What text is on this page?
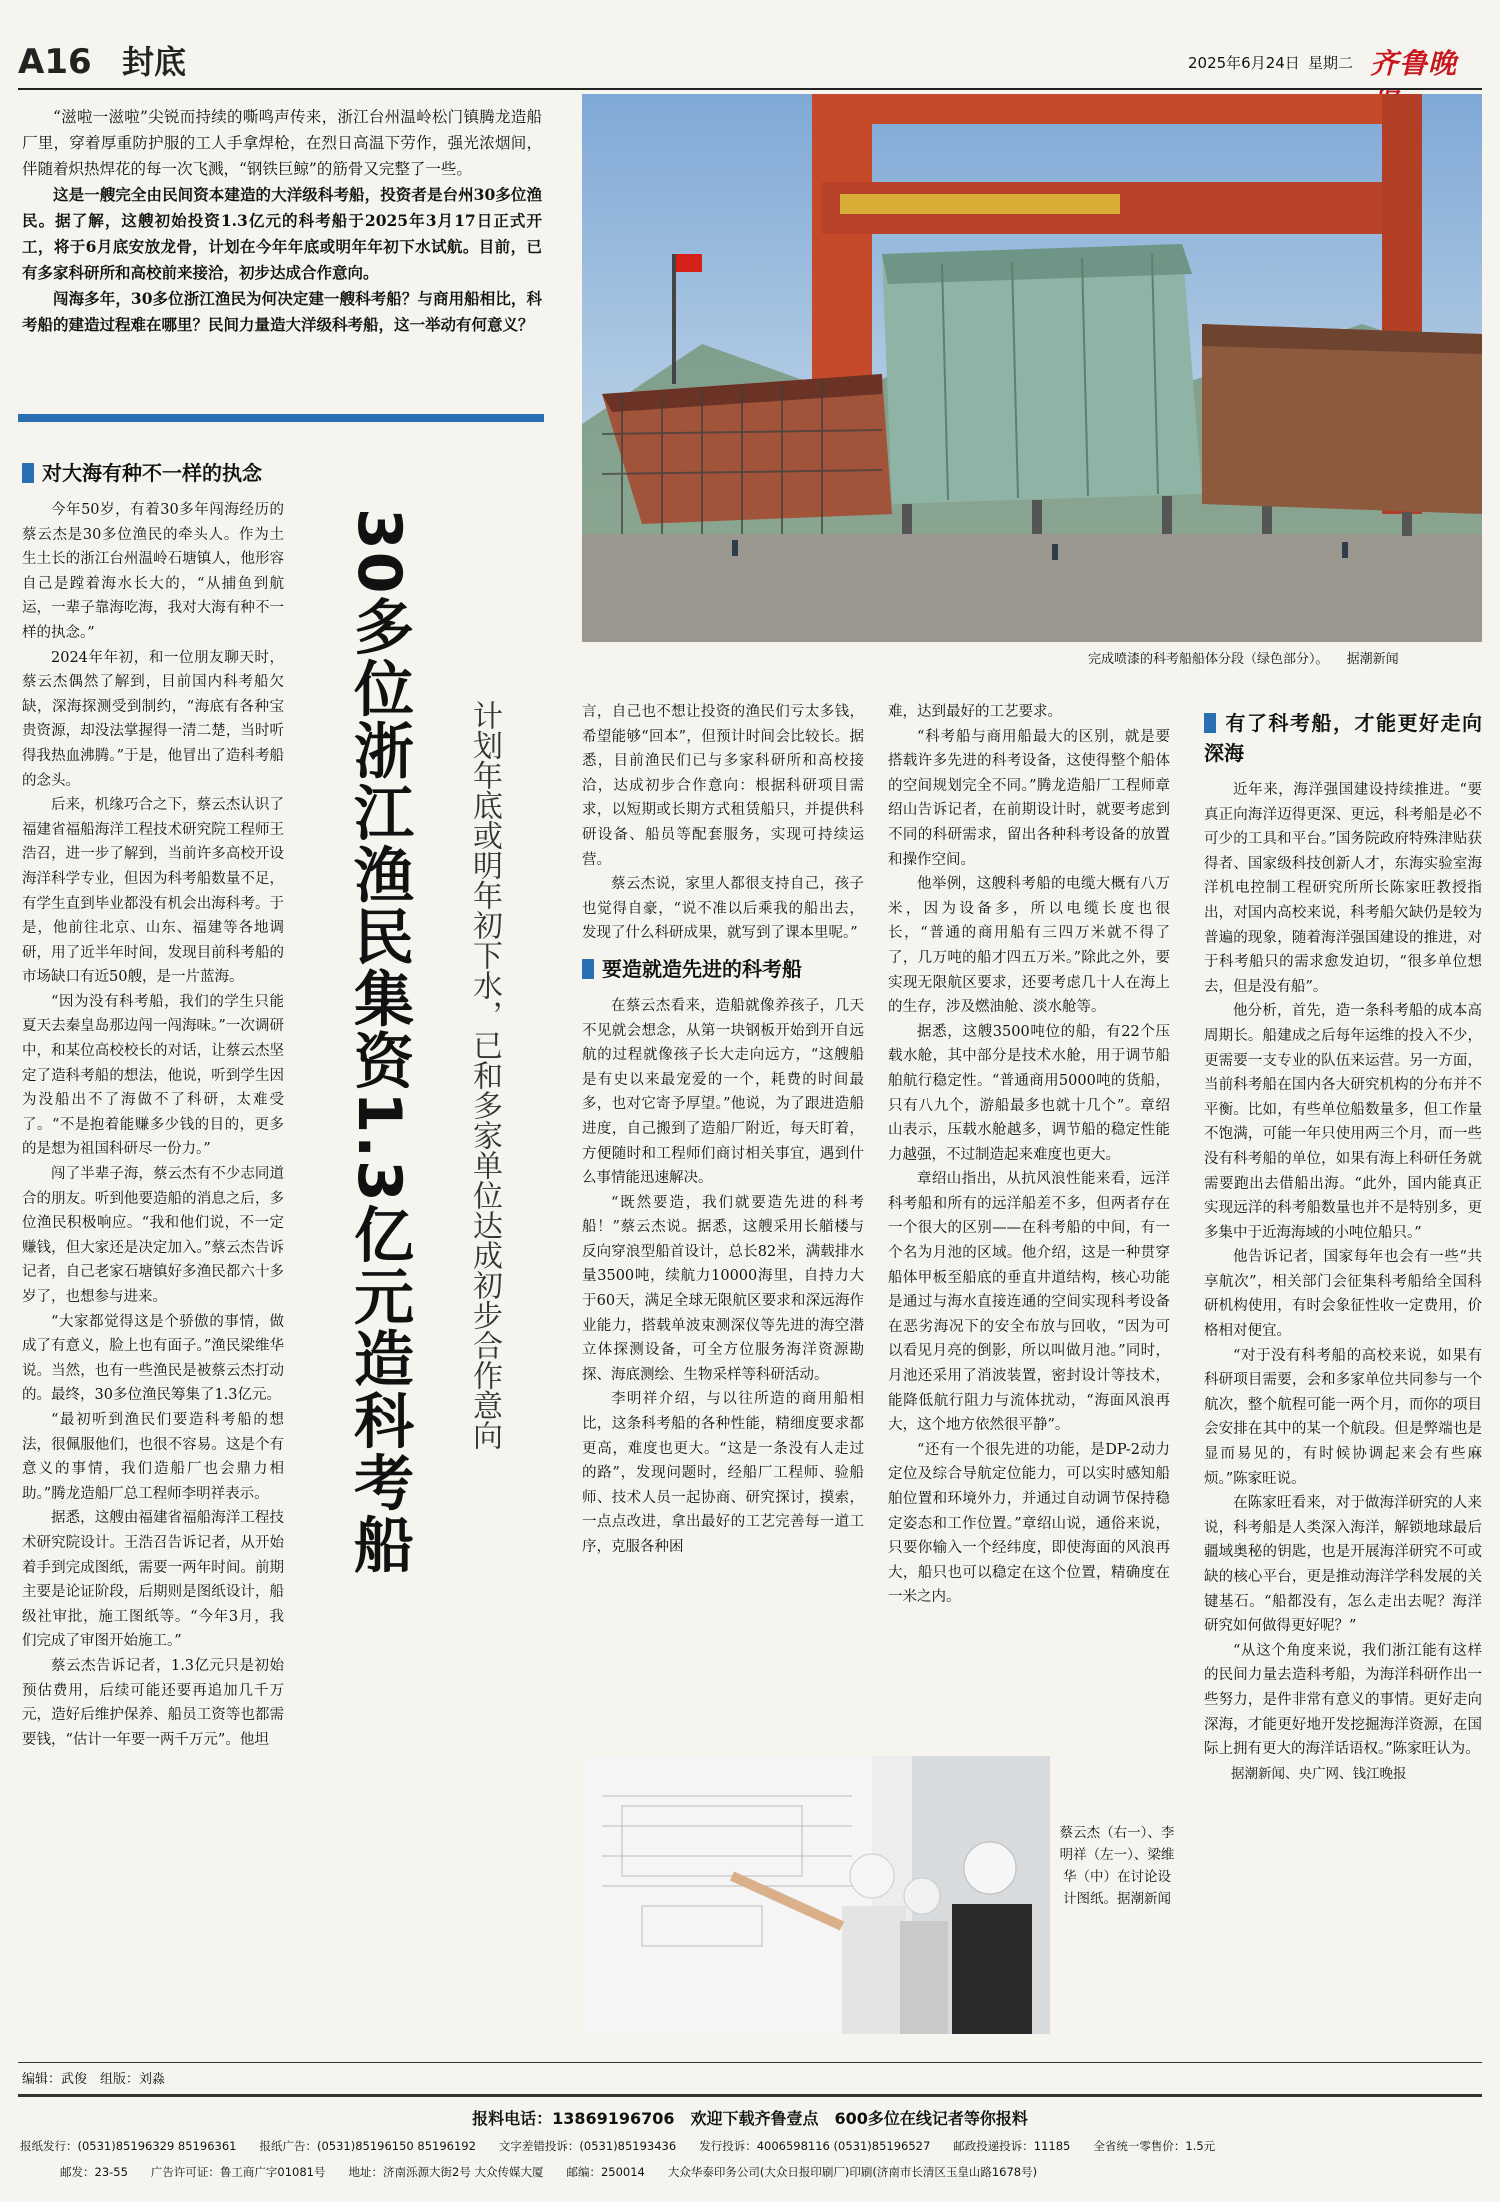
A16 封底	2025年6月24日 星期二 齐鲁晚

“滋啦一滋啦”尖锐而持续的嘶鸣声传来，浙江台州温岭松门镇腾龙造船厂里，穿着厚重防护服的工人手拿焊枪，在烈日高温下劳作，强光浓烟间，伴随着炽热焊花的每一次飞溅，“钢铁巨鲸”的筋骨又完整了一些。

这是一艘完全由民间资本建造的大洋级科考船，投资者是台州30多位渔民。据了解，这艘初始投资1.3亿元的科考船于2025年3月17日正式开工，将于6月底安放龙骨，计划在今年年底或明年年初下水试航。目前，已有多家科研所和高校前来接洽，初步达成合作意向。

闯海多年，30多位浙江渔民为何决定建一艘科考船？与商用船相比，科考船的建造过程难在哪里？民间力量造大洋级科考船，这一举动有何意义？

完成喷漆的科考船船体分段（绿色部分）。 据潮新闻
对大海有种不一样的执念

今年50岁，有着30多年闯海经历的蔡云杰是30多位渔民的牵头人。作为土生土长的浙江台州温岭石塘镇人，他形容自己是蹚着海水长大的，“从捕鱼到航运，一辈子靠海吃海，我对大海有种不一样的执念。”

2024年年初，和一位朋友聊天时，蔡云杰偶然了解到，目前国内科考船欠缺，深海探测受到制约，“海底有各种宝贵资源，却没法掌握得一清二楚，当时听得我热血沸腾。”于是，他冒出了造科考船的念头。

后来，机缘巧合之下，蔡云杰认识了福建省福船海洋工程技术研究院工程师王浩召，进一步了解到，当前许多高校开设海洋科学专业，但因为科考船数量不足，有学生直到毕业都没有机会出海科考。于是，他前往北京、山东、福建等各地调研，用了近半年时间，发现目前科考船的市场缺口有近50艘，是一片蓝海。

“因为没有科考船，我们的学生只能夏天去秦皇岛那边闯一闯海味。”一次调研中，和某位高校校长的对话，让蔡云杰坚定了造科考船的想法，他说，听到学生因为没船出不了海做不了科研，太难受了。“不是抱着能赚多少钱的目的，更多的是想为祖国科研尽一份力。”

闯了半辈子海，蔡云杰有不少志同道合的朋友。听到他要造船的消息之后，多位渔民积极响应。“我和他们说，不一定赚钱，但大家还是决定加入。”蔡云杰告诉记者，自己老家石塘镇好多渔民都六十多岁了，也想参与进来。

“大家都觉得这是个骄傲的事情，做成了有意义，脸上也有面子。”渔民梁维华说。当然，也有一些渔民是被蔡云杰打动的。最终，30多位渔民筹集了1.3亿元。

“最初听到渔民们要造科考船的想法，很佩服他们，也很不容易。这是个有意义的事情，我们造船厂也会鼎力相助。”腾龙造船厂总工程师李明祥表示。

据悉，这艘由福建省福船海洋工程技术研究院设计。王浩召告诉记者，从开始着手到完成图纸，需要一两年时间。前期主要是论证阶段，后期则是图纸设计，船级社审批，施工图纸等。“今年3月，我们完成了审图开始施工。”

蔡云杰告诉记者，1.3亿元只是初始预估费用，后续可能还要再追加几千万元，造好后维护保养、船员工资等也都需要钱，“估计一年要一两千万元”。他坦

30多位浙江渔民集资1.3亿元造科考船 计划年底或明年初下水，已和多家单位达成初步合作意向	言，自己也不想让投资的渔民们亏太多钱，希望能够“回本”，但预计时间会比较长。据悉，目前渔民们已与多家科研所和高校接洽，达成初步合作意向：根据科研项目需求，以短期或长期方式租赁船只，并提供科研设备、船员等配套服务，实现可持续运营。

蔡云杰说，家里人都很支持自己，孩子也觉得自豪，“说不准以后乘我的船出去，发现了什么科研成果，就写到了课本里呢。”

要造就造先进的科考船

在蔡云杰看来，造船就像养孩子，几天不见就会想念，从第一块钢板开始到开自远航的过程就像孩子长大走向远方，“这艘船是有史以来最宠爱的一个，耗费的时间最多，也对它寄予厚望。”他说，为了跟进造船进度，自己搬到了造船厂附近，每天盯着，方便随时和工程师们商讨相关事宜，遇到什么事情能迅速解决。

“既然要造，我们就要造先进的科考船！”蔡云杰说。据悉，这艘采用长艏楼与反向穿浪型船首设计，总长82米，满载排水量3500吨，续航力10000海里，自持力大于60天，满足全球无限航区要求和深远海作业能力，搭载单波束测深仪等先进的海空潜立体探测设备，可全方位服务海洋资源勘探、海底测绘、生物采样等科研活动。

李明祥介绍，与以往所造的商用船相比，这条科考船的各种性能，精细度要求都更高，难度也更大。“这是一条没有人走过的路”，发现问题时，经船厂工程师、验船师、技术人员一起协商、研究探讨，摸索，一点点改进，拿出最好的工艺完善每一道工序，克服各种困

难，达到最好的工艺要求。

“科考船与商用船最大的区别，就是要搭载许多先进的科考设备，这使得整个船体的空间规划完全不同。”腾龙造船厂工程师章绍山告诉记者，在前期设计时，就要考虑到不同的科研需求，留出各种科考设备的放置和操作空间。

他举例，这艘科考船的电缆大概有八万米，因为设备多，所以电缆长度也很长，“普通的商用船有三四万米就不得了了，几万吨的船才四五万米。”除此之外，要实现无限航区要求，还要考虑几十人在海上的生存，涉及燃油舱、淡水舱等。

据悉，这艘3500吨位的船，有22个压载水舱，其中部分是技术水舱，用于调节船舶航行稳定性。“普通商用5000吨的货船，只有八九个，游船最多也就十几个”。章绍山表示，压载水舱越多，调节船的稳定性能力越强，不过制造起来难度也更大。

章绍山指出，从抗风浪性能来看，远洋科考船和所有的远洋船差不多，但两者存在一个很大的区别——在科考船的中间，有一个名为月池的区域。他介绍，这是一种贯穿船体甲板至船底的垂直井道结构，核心功能是通过与海水直接连通的空间实现科考设备在恶劣海况下的安全布放与回收，“因为可以看见月亮的倒影，所以叫做月池。”同时，月池还采用了消波装置，密封设计等技术，能降低航行阻力与流体扰动，“海面风浪再大，这个地方依然很平静”。

“还有一个很先进的功能，是DP-2动力定位及综合导航定位能力，可以实时感知船舶位置和环境外力，并通过自动调节保持稳定姿态和工作位置。”章绍山说，通俗来说，只要你输入一个经纬度，即使海面的风浪再大，船只也可以稳定在这个位置，精确度在一米之内。

有了科考船，才能更好走向深海

近年来，海洋强国建设持续推进。“要真正向海洋迈得更深、更远，科考船是必不可少的工具和平台。”国务院政府特殊津贴获得者、国家级科技创新人才，东海实验室海洋机电控制工程研究所所长陈家旺教授指出，对国内高校来说，科考船欠缺仍是较为普遍的现象，随着海洋强国建设的推进，对于科考船只的需求愈发迫切，“很多单位想去，但是没有船”。

他分析，首先，造一条科考船的成本高周期长。船建成之后每年运维的投入不少，更需要一支专业的队伍来运营。另一方面，当前科考船在国内各大研究机构的分布并不平衡。比如，有些单位船数量多，但工作量不饱满，可能一年只使用两三个月，而一些没有科考船的单位，如果有海上科研任务就需要跑出去借船出海。“此外，国内能真正实现远洋的科考船数量也并不是特别多，更多集中于近海海域的小吨位船只。”

他告诉记者，国家每年也会有一些“共享航次”，相关部门会征集科考船给全国科研机构使用，有时会象征性收一定费用，价格相对便宜。

“对于没有科考船的高校来说，如果有科研项目需要，会和多家单位共同参与一个航次，整个航程可能一两个月，而你的项目会安排在其中的某一个航段。但是弊端也是显而易见的，有时候协调起来会有些麻烦。”陈家旺说。

在陈家旺看来，对于做海洋研究的人来说，科考船是人类深入海洋，解锁地球最后疆域奥秘的钥匙，也是开展海洋研究不可或缺的核心平台，更是推动海洋学科发展的关键基石。“船都没有，怎么走出去呢？海洋研究如何做得更好呢？”

“从这个角度来说，我们浙江能有这样的民间力量去造科考船，为海洋科研作出一些努力，是件非常有意义的事情。更好走向深海，才能更好地开发挖掘海洋资源，在国际上拥有更大的海洋话语权。”陈家旺认为。

据潮新闻、央广网、钱江晚报

蔡云杰（右一）、李明祥（左一）、梁维华（中）在讨论设计图纸。据潮新闻
编辑：武俊　组版：刘淼
报料电话：13869196706　欢迎下载齐鲁壹点　600多位在线记者等你报料
报纸发行：(0531)85196329 85196361　　报纸广告：(0531)85196150 85196192　　文字差错投诉：(0531)85193436　　发行投诉：4006598116 (0531)85196527　　邮政投递投诉：11185　　全省统一零售价：1.5元
邮发：23-55　　广告许可证：鲁工商广字01081号　　地址：济南泺源大街2号 大众传媒大厦　　邮编：250014　　大众华泰印务公司(大众日报印刷厂)印刷(济南市长清区玉皇山路1678号)
